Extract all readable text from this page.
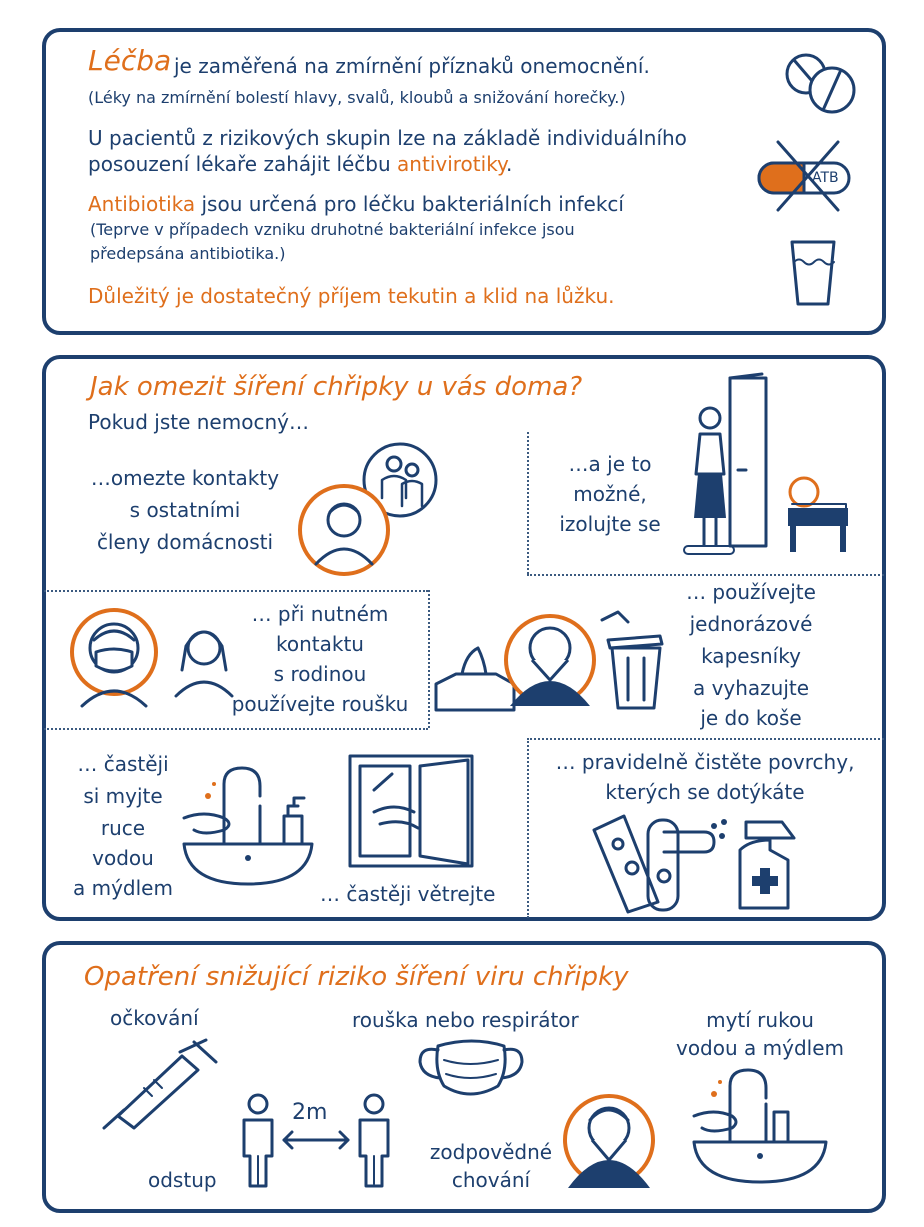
Léčba je zaměřená na zmírnění příznaků onemocnění.
(Léky na zmírnění bolestí hlavy, svalů, kloubů a snižování horečky.)
U pacientů z rizikových skupin lze na základě individuálního
posouzení lékaře zahájit léčbu antivirotiky.
Antibiotika jsou určená pro léčku bakteriálních infekcí
(Teprve v případech vzniku druhotné bakteriální infekce jsou
předepsána antibiotika.)
Důležitý je dostatečný příjem tekutin a klid na lůžku.
ATB
Jak omezit šíření chřipky u vás doma?
Pokud jste nemocný…
…omezte kontakty
s ostatními
členy domácnosti
…a je to
možné,
izolujte se
… při nutném
kontaktu
s rodinou
používejte roušku
… používejte
jednorázové
kapesníky
a vyhazujte
je do koše
… častěji
si myjte
ruce
vodou
a mýdlem	… častěji větrejte
… pravidelně čistěte povrchy,
kterých se dotýkáte
Opatření snižující riziko šíření viru chřipky
očkování	rouška nebo respirátor	mytí rukou
vodou a mýdlem
2m
odstup
zodpovědné
chování
